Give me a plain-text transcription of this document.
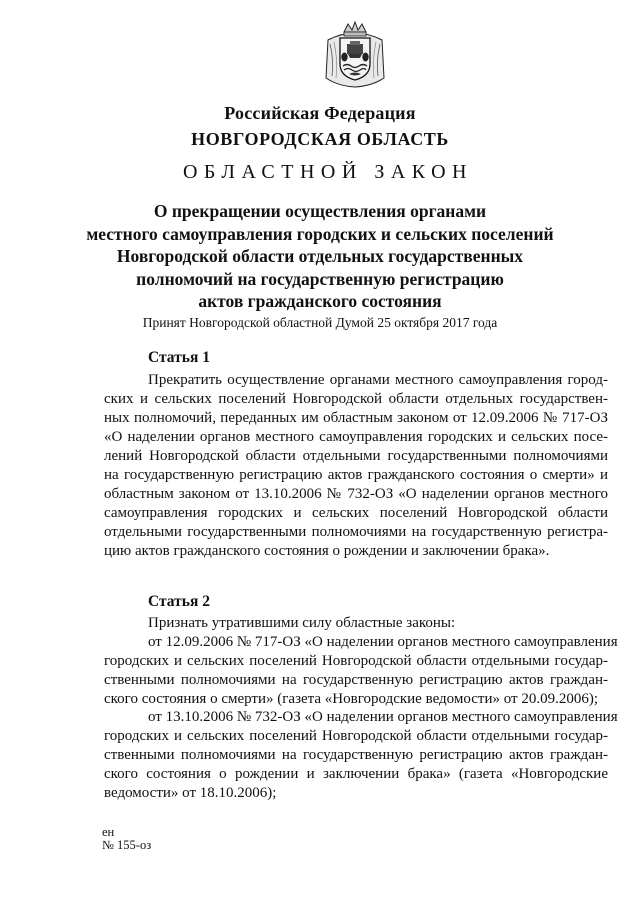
Российская Федерация
НОВГОРОДСКАЯ ОБЛАСТЬ
ОБЛАСТНОЙ ЗАКОН
О прекращении осуществления органами
местного самоуправления городских и сельских поселений
Новгородской области отдельных государственных
полномочий на государственную регистрацию
актов гражданского состояния
Принят Новгородской областной Думой 25 октября 2017 года
Статья 1
Прекратить осуществление органами местного самоуправления город-
ских и сельских поселений Новгородской области отдельных государствен-
ных полномочий, переданных им областным законом от 12.09.2006 № 717-ОЗ
«О наделении органов местного самоуправления городских и сельских посе-
лений Новгородской области отдельными государственными полномочиями
на государственную регистрацию актов гражданского состояния о смерти» и
областным законом от 13.10.2006 № 732-ОЗ «О наделении органов местного
самоуправления городских и сельских поселений Новгородской области
отдельными государственными полномочиями на государственную регистра-
цию актов гражданского состояния о рождении и заключении брака».
Статья 2
Признать утратившими силу областные законы:
от 12.09.2006 № 717-ОЗ «О наделении органов местного самоуправления
городских и сельских поселений Новгородской области отдельными государ-
ственными полномочиями на государственную регистрацию актов граждан-
ского состояния о смерти» (газета «Новгородские ведомости» от 20.09.2006);
от 13.10.2006 № 732-ОЗ «О наделении органов местного самоуправления
городских и сельских поселений Новгородской области отдельными государ-
ственными полномочиями на государственную регистрацию актов граждан-
ского состояния о рождении и заключении брака» (газета «Новгородские
ведомости» от 18.10.2006);
ен
№ 155-оз
